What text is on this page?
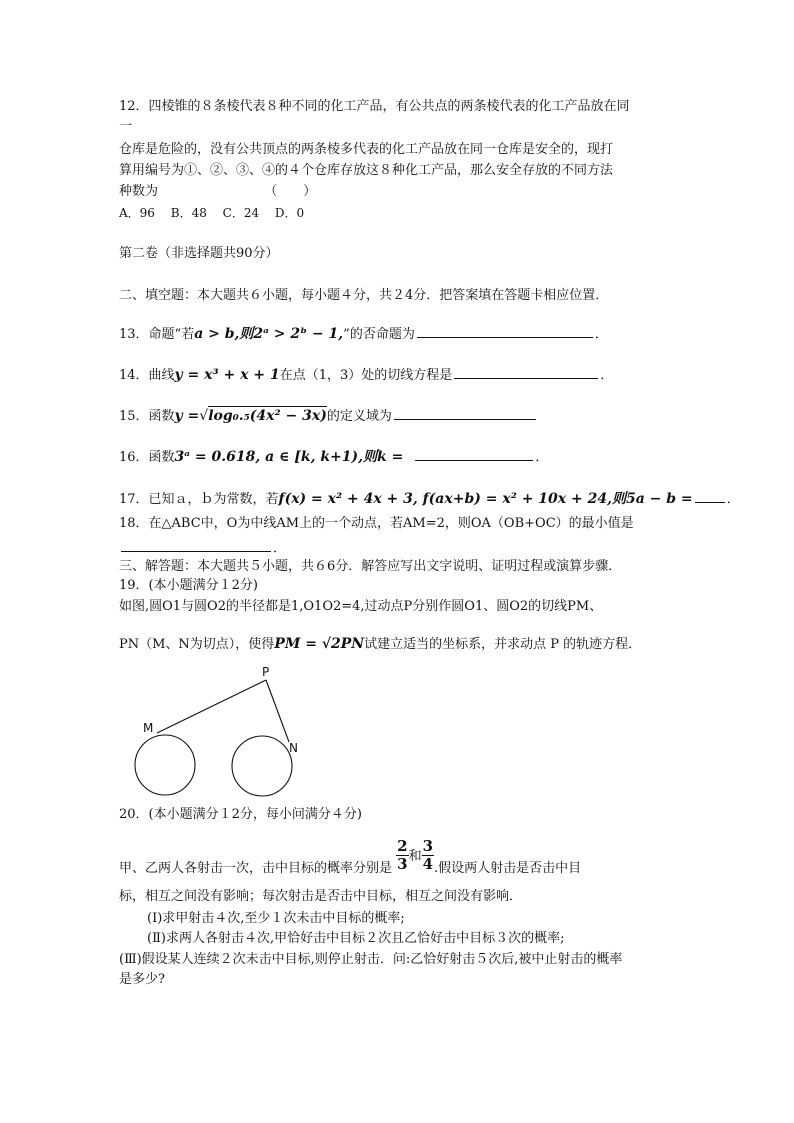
12．四棱锥的８条棱代表８种不同的化工产品，有公共点的两条棱代表的化工产品放在同
一
仓库是危险的，没有公共顶点的两条棱多代表的化工产品放在同一仓库是安全的，现打
算用编号为①、②、③、④的４个仓库存放这８种化工产品，那么安全存放的不同方法
种数为	（　　）
A．96　 B．48　 C．24　 D．0
第二卷（非选择题共90分）
二、填空题：本大题共６小题，每小题４分，共２4分．把答案填在答题卡相应位置．
13．命题“若a > b,则2ᵃ > 2ᵇ − 1,”的否命题为	．
14．曲线y = x³ + x + 1在点（1，3）处的切线方程是	．
15．函数y =√log₀.₅(4x² − 3x)的定义域为
16．函数3ᵃ = 0.618, a ∈ [k, k+1),则k =	．
17．已知ａ，ｂ为常数，若f(x) = x² + 4x + 3, f(ax+b) = x² + 10x + 24,则5a − b =	．
18．在△ABC中，O为中线AM上的一个动点，若AM=2，则OA（OB+OC）的最小值是
．
三、解答题：本大题共５小题，共６6分．解答应写出文字说明、证明过程或演算步骤．
19．(本小题满分１2分)
如图,圆O1与圆O2的半径都是1,O1O2=4,过动点P分别作圆O1、圆O2的切线PM、
PN（M、N为切点），使得PM = √2PN试建立适当的坐标系，并求动点 P 的轨迹方程．
P
M
N
20．(本小题满分１2分，每小问满分４分)
甲、乙两人各射击一次，击中目标的概率分别是 $\frac{2}{3}$ 和 $\frac{3}{4}$ .假设两人射击是否击中目
标，相互之间没有影响；每次射击是否击中目标，相互之间没有影响．
(Ⅰ)求甲射击４次,至少１次未击中目标的概率;
(Ⅱ)求两人各射击４次,甲恰好击中目标２次且乙恰好击中目标３次的概率;
(Ⅲ)假设某人连续２次未击中目标,则停止射击．问:乙恰好射击５次后,被中止射击的概率
是多少?
